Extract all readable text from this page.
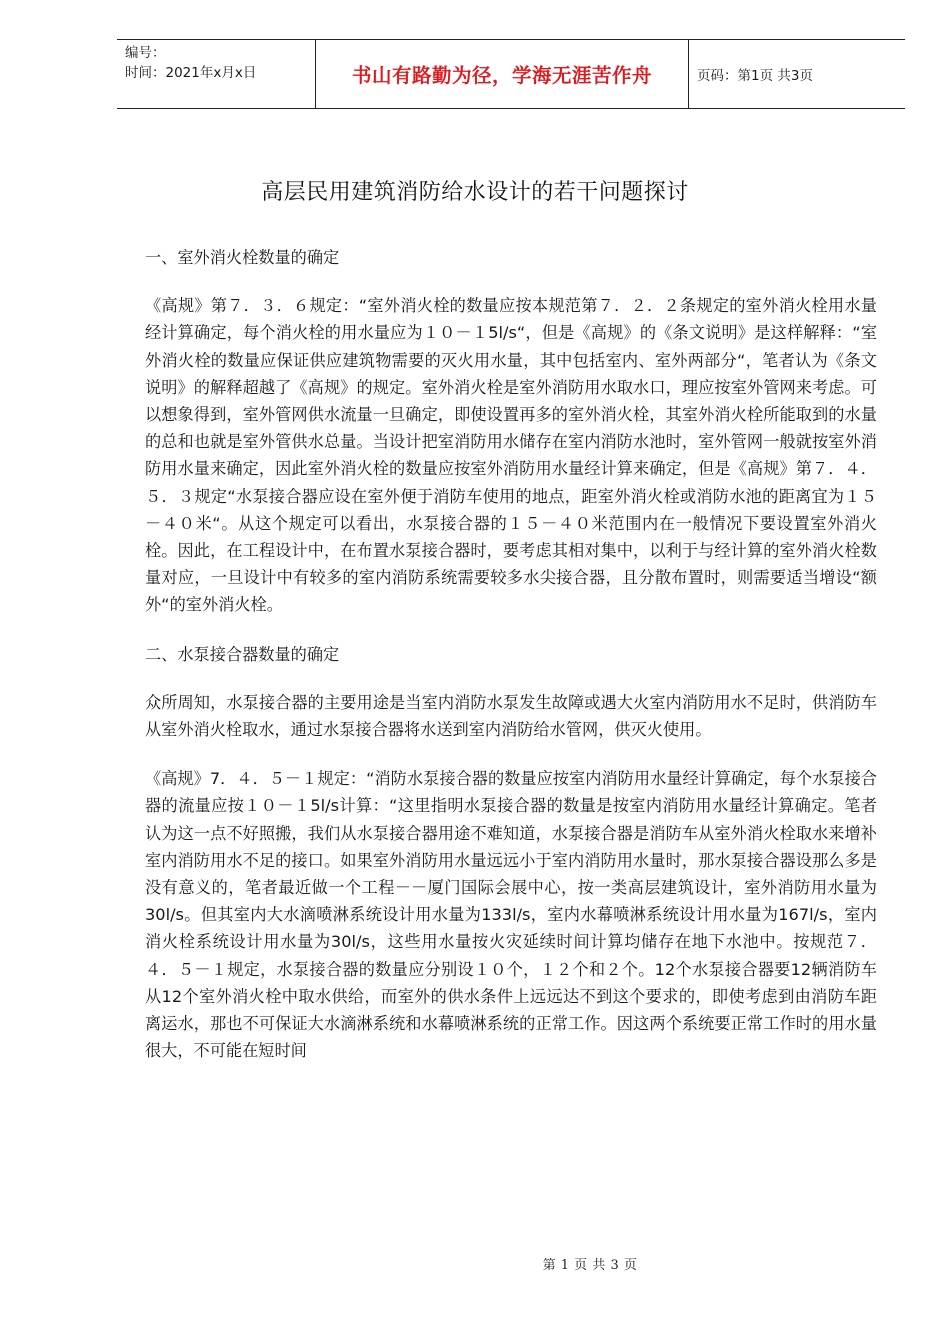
编号：
时间：2021年x月x日	书山有路勤为径，学海无涯苦作舟	页码：第1页 共3页
高层民用建筑消防给水设计的若干问题探讨

一、室外消火栓数量的确定

《高规》第７．３．６规定：“室外消火栓的数量应按本规范第７．２．２条规定的室外消火栓用水量经计算确定，每个消火栓的用水量应为１０－１5l/s“，但是《高规》的《条文说明》是这样解释：“室外消火栓的数量应保证供应建筑物需要的灭火用水量，其中包括室内、室外两部分“，笔者认为《条文说明》的解释超越了《高规》的规定。室外消火栓是室外消防用水取水口，理应按室外管网来考虑。可以想象得到，室外管网供水流量一旦确定，即使设置再多的室外消火栓，其室外消火栓所能取到的水量的总和也就是室外管供水总量。当设计把室消防用水储存在室内消防水池时，室外管网一般就按室外消防用水量来确定，因此室外消火栓的数量应按室外消防用水量经计算来确定，但是《高规》第７．４．５．３规定“水泵接合器应设在室外便于消防车使用的地点，距室外消火栓或消防水池的距离宜为１５－４０米“。从这个规定可以看出，水泵接合器的１５－４０米范围内在一般情况下要设置室外消火栓。因此，在工程设计中，在布置水泵接合器时，要考虑其相对集中，以利于与经计算的室外消火栓数量对应，一旦设计中有较多的室内消防系统需要较多水尖接合器，且分散布置时，则需要适当增设“额外“的室外消火栓。

二、水泵接合器数量的确定

众所周知，水泵接合器的主要用途是当室内消防水泵发生故障或遇大火室内消防用水不足时，供消防车从室外消火栓取水，通过水泵接合器将水送到室内消防给水管网，供灭火使用。

《高规》7．４．５－１规定：“消防水泵接合器的数量应按室内消防用水量经计算确定，每个水泵接合器的流量应按１０－１5l/s计算：“这里指明水泵接合器的数量是按室内消防用水量经计算确定。笔者认为这一点不好照搬，我们从水泵接合器用途不难知道，水泵接合器是消防车从室外消火栓取水来增补室内消防用水不足的接口。如果室外消防用水量远远小于室内消防用水量时，那水泵接合器设那么多是没有意义的，笔者最近做一个工程－－厦门国际会展中心，按一类高层建筑设计，室外消防用水量为30l/s。但其室内大水滴喷淋系统设计用水量为133l/s，室内水幕喷淋系统设计用水量为167l/s，室内消火栓系统设计用水量为30l/s，这些用水量按火灾延续时间计算均储存在地下水池中。按规范７．４．５－１规定，水泵接合器的数量应分别设１０个，１２个和２个。12个水泵接合器要12辆消防车从12个室外消火栓中取水供给，而室外的供水条件上远远达不到这个要求的，即使考虑到由消防车距离运水，那也不可保证大水滴淋系统和水幕喷淋系统的正常工作。因这两个系统要正常工作时的用水量很大，不可能在短时间

第 1 页 共 3 页
